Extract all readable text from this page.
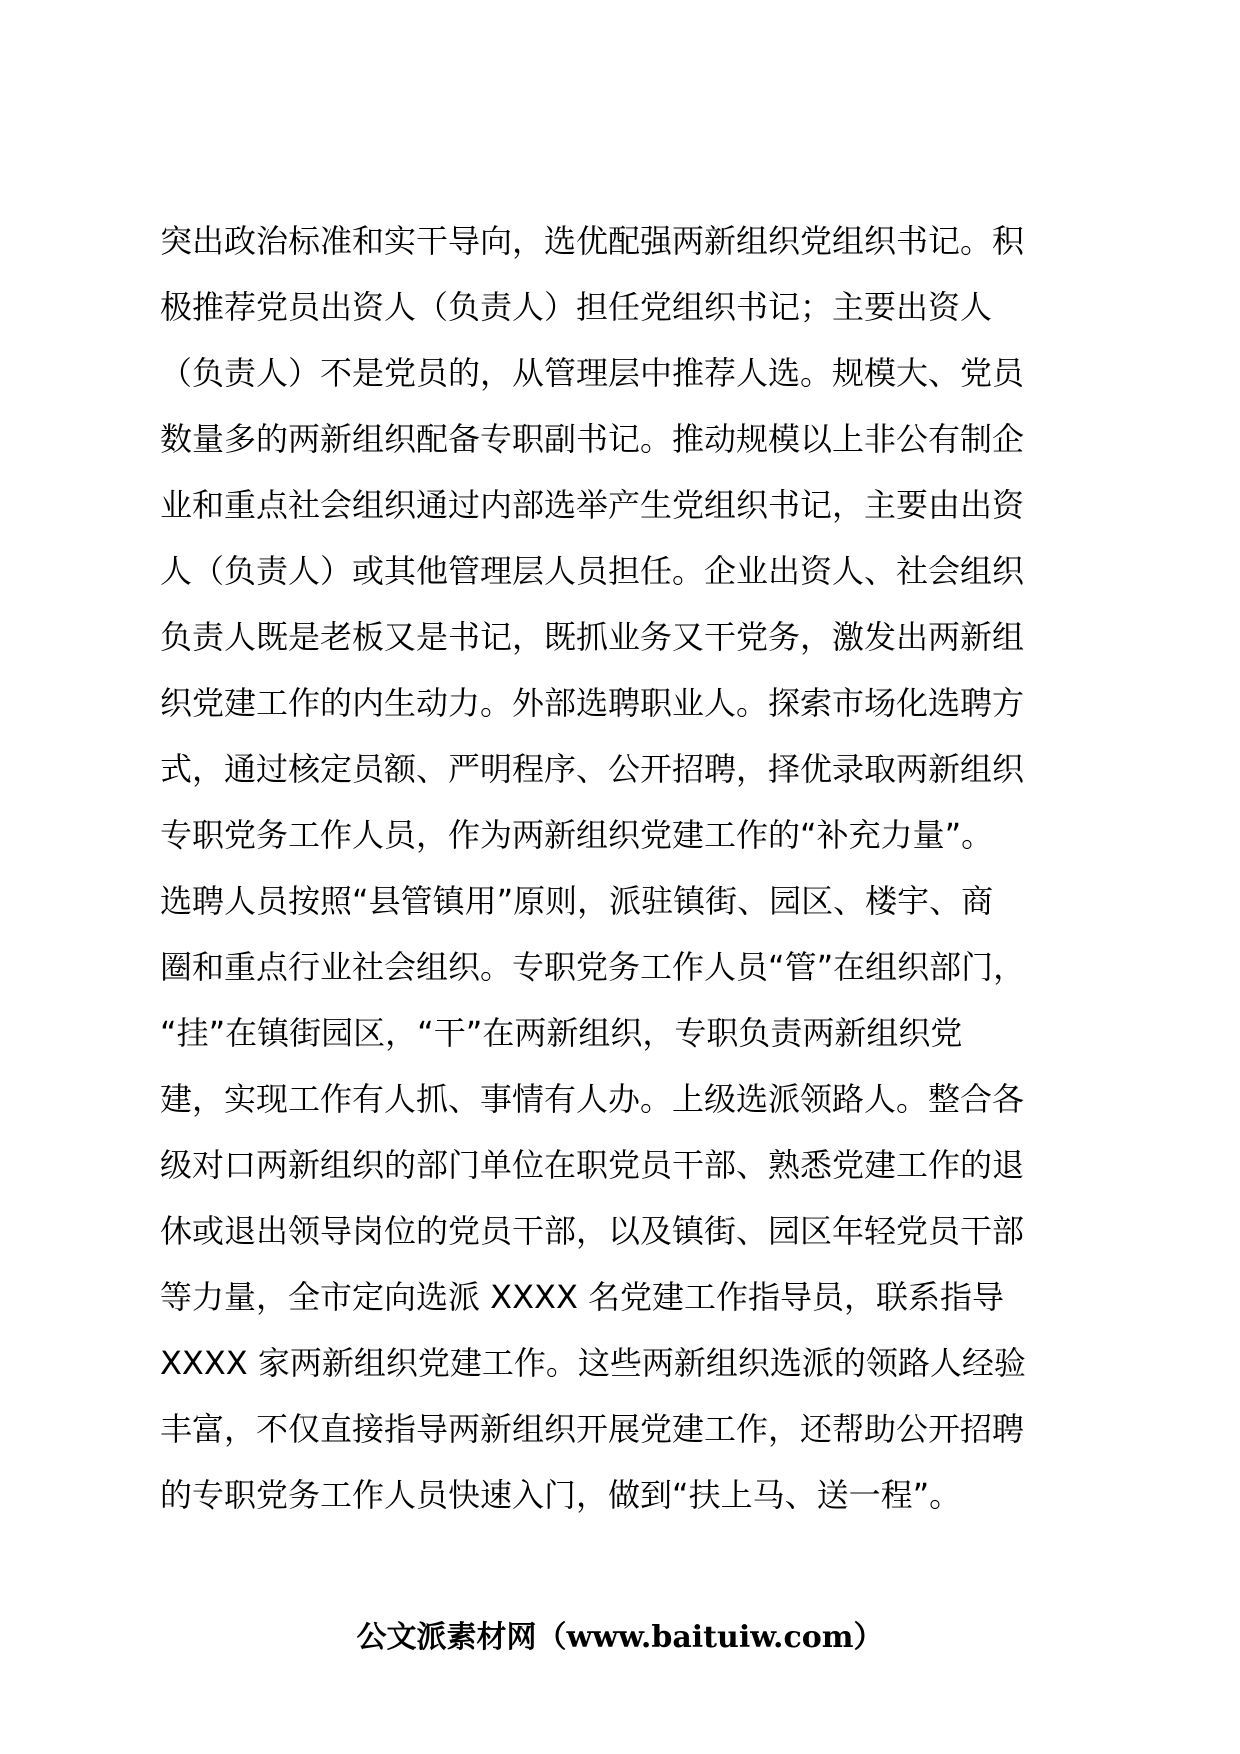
突出政治标准和实干导向，选优配强两新组织党组织书记。积
极推荐党员出资人（负责人）担任党组织书记；主要出资人
（负责人）不是党员的，从管理层中推荐人选。规模大、党员
数量多的两新组织配备专职副书记。推动规模以上非公有制企
业和重点社会组织通过内部选举产生党组织书记，主要由出资
人（负责人）或其他管理层人员担任。企业出资人、社会组织
负责人既是老板又是书记，既抓业务又干党务，激发出两新组
织党建工作的内生动力。外部选聘职业人。探索市场化选聘方
式，通过核定员额、严明程序、公开招聘，择优录取两新组织
专职党务工作人员，作为两新组织党建工作的“补充力量”。
选聘人员按照“县管镇用”原则，派驻镇街、园区、楼宇、商
圈和重点行业社会组织。专职党务工作人员“管”在组织部门，
“挂”在镇街园区，“干”在两新组织，专职负责两新组织党
建，实现工作有人抓、事情有人办。上级选派领路人。整合各
级对口两新组织的部门单位在职党员干部、熟悉党建工作的退
休或退出领导岗位的党员干部，以及镇街、园区年轻党员干部
等力量，全市定向选派 XXXX 名党建工作指导员，联系指导
XXXX 家两新组织党建工作。这些两新组织选派的领路人经验
丰富，不仅直接指导两新组织开展党建工作，还帮助公开招聘
的专职党务工作人员快速入门，做到“扶上马、送一程”。
公文派素材网（www.baituiw.com）
